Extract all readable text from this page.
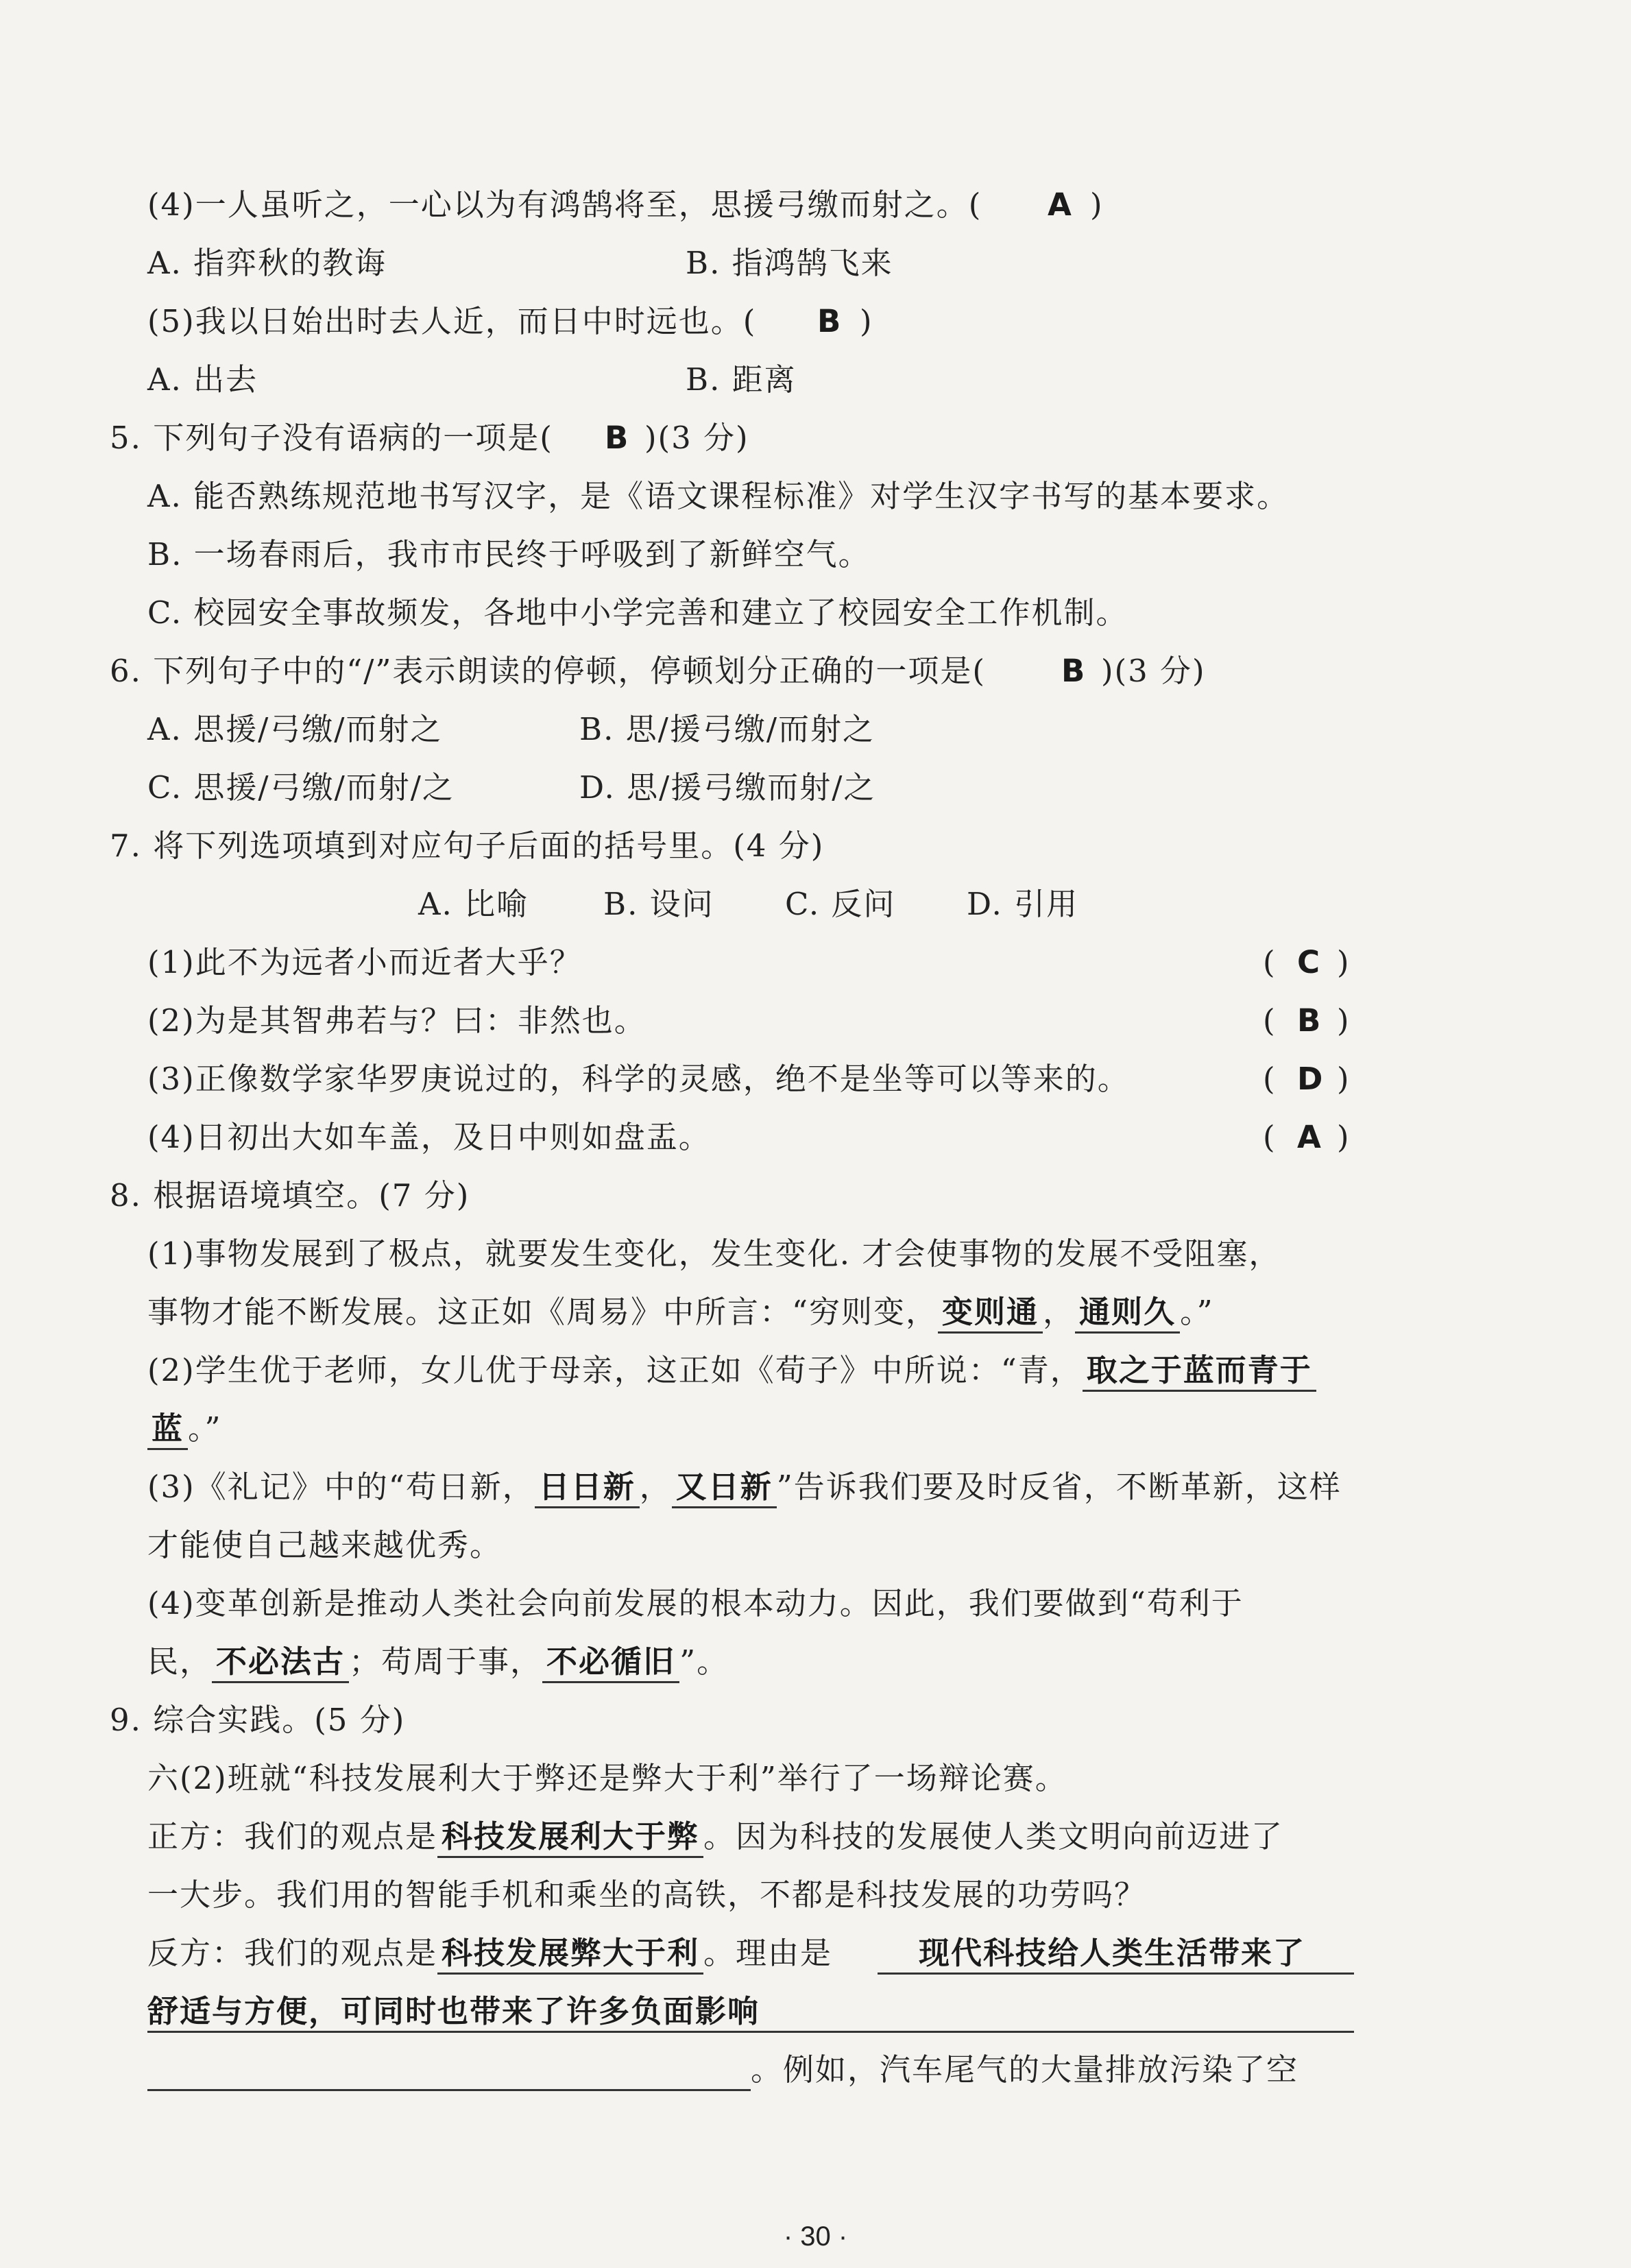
(4)一人虽听之，一心以为有鸿鹄将至，思援弓缴而射之。( A )
A. 指弈秋的教诲	B. 指鸿鹄飞来
(5)我以日始出时去人近，而日中时远也。( B )
A. 出去	B. 距离
5. 下列句子没有语病的一项是( B )(3 分)
A. 能否熟练规范地书写汉字，是《语文课程标准》对学生汉字书写的基本要求。
B. 一场春雨后，我市市民终于呼吸到了新鲜空气。
C. 校园安全事故频发，各地中小学完善和建立了校园安全工作机制。
6. 下列句子中的“/”表示朗读的停顿，停顿划分正确的一项是( B )(3 分)
A. 思援/弓缴/而射之	B. 思/援弓缴/而射之
C. 思援/弓缴/而射/之	D. 思/援弓缴而射/之
7. 将下列选项填到对应句子后面的括号里。(4 分)
A. 比喻 B. 设问 C. 反问 D. 引用
(1)此不为远者小而近者大乎？	( C )
(2)为是其智弗若与？曰：非然也。	( B )
(3)正像数学家华罗庚说过的，科学的灵感，绝不是坐等可以等来的。	( D )
(4)日初出大如车盖，及日中则如盘盂。	( A )
8. 根据语境填空。(7 分)
(1)事物发展到了极点，就要发生变化，发生变化. 才会使事物的发展不受阻塞，
事物才能不断发展。这正如《周易》中所言：“穷则变， 变则通 ， 通则久 。”
(2)学生优于老师，女儿优于母亲，这正如《荀子》中所说：“青， 取之于蓝而青于
蓝 。”
(3)《礼记》中的“苟日新， 日日新 ， 又日新 ”告诉我们要及时反省，不断革新，这样
才能使自己越来越优秀。
(4)变革创新是推动人类社会向前发展的根本动力。因此，我们要做到“苟利于
民， 不必法古 ；苟周于事， 不必循旧 ”。
9. 综合实践。(5 分)
六(2)班就“科技发展利大于弊还是弊大于利”举行了一场辩论赛。
正方：我们的观点是 科技发展利大于弊 。因为科技的发展使人类文明向前迈进了
一大步。我们用的智能手机和乘坐的高铁，不都是科技发展的功劳吗？
反方：我们的观点是 科技发展弊大于利 。理由是	现代科技给人类生活带来了
舒适与方便，可同时也带来了许多负面影响
。例如，汽车尾气的大量排放污染了空
· 30 ·
